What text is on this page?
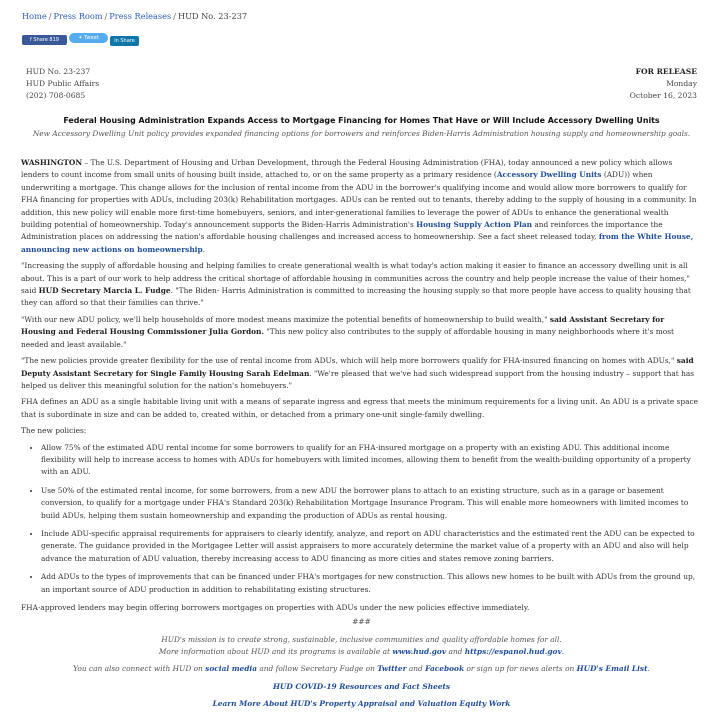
Home / Press Room / Press Releases / HUD No. 23-237
f Share 819	✦ Tweet	in Share
HUD No. 23-237
HUD Public Affairs
(202) 708-0685
FOR RELEASE
Monday
October 16, 2023
Federal Housing Administration Expands Access to Mortgage Financing for Homes That Have or Will Include Accessory Dwelling Units
New Accessory Dwelling Unit policy provides expanded financing options for borrowers and reinforces Biden-Harris Administration housing supply and homeownership goals.

WASHINGTON – The U.S. Department of Housing and Urban Development, through the Federal Housing Administration (FHA), today announced a new policy which allows lenders to count income from small units of housing built inside, attached to, or on the same property as a primary residence (Accessory Dwelling Units (ADU)) when underwriting a mortgage. This change allows for the inclusion of rental income from the ADU in the borrower's qualifying income and would allow more borrowers to qualify for FHA financing for properties with ADUs, including 203(k) Rehabilitation mortgages. ADUs can be rented out to tenants, thereby adding to the supply of housing in a community. In addition, this new policy will enable more first-time homebuyers, seniors, and inter-generational families to leverage the power of ADUs to enhance the generational wealth building potential of homeownership. Today's announcement supports the Biden-Harris Administration's Housing Supply Action Plan and reinforces the importance the Administration places on addressing the nation's affordable housing challenges and increased access to homeownership. See a fact sheet released today, from the White House, announcing new actions on homeownership.

"Increasing the supply of affordable housing and helping families to create generational wealth is what today's action making it easier to finance an accessory dwelling unit is all about. This is a part of our work to help address the critical shortage of affordable housing in communities across the country and help people increase the value of their homes," said HUD Secretary Marcia L. Fudge. "The Biden- Harris Administration is committed to increasing the housing supply so that more people have access to quality housing that they can afford so that their families can thrive."

"With our new ADU policy, we'll help households of more modest means maximize the potential benefits of homeownership to build wealth," said Assistant Secretary for Housing and Federal Housing Commissioner Julia Gordon. "This new policy also contributes to the supply of affordable housing in many neighborhoods where it's most needed and least available."

"The new policies provide greater flexibility for the use of rental income from ADUs, which will help more borrowers qualify for FHA-insured financing on homes with ADUs," said Deputy Assistant Secretary for Single Family Housing Sarah Edelman. "We're pleased that we've had such widespread support from the housing industry – support that has helped us deliver this meaningful solution for the nation's homebuyers."

FHA defines an ADU as a single habitable living unit with a means of separate ingress and egress that meets the minimum requirements for a living unit. An ADU is a private space that is subordinate in size and can be added to, created within, or detached from a primary one-unit single-family dwelling.

The new policies:

• Allow 75% of the estimated ADU rental income for some borrowers to qualify for an FHA-insured mortgage on a property with an existing ADU. This additional income flexibility will help to increase access to homes with ADUs for homebuyers with limited incomes, allowing them to benefit from the wealth-building opportunity of a property with an ADU.
• Use 50% of the estimated rental income, for some borrowers, from a new ADU the borrower plans to attach to an existing structure, such as in a garage or basement conversion, to qualify for a mortgage under FHA's Standard 203(k) Rehabilitation Mortgage Insurance Program. This will enable more homeowners with limited incomes to build ADUs, helping them sustain homeownership and expanding the production of ADUs as rental housing.
• Include ADU-specific appraisal requirements for appraisers to clearly identify, analyze, and report on ADU characteristics and the estimated rent the ADU can be expected to generate. The guidance provided in the Mortgagee Letter will assist appraisers to more accurately determine the market value of a property with an ADU and also will help advance the maturation of ADU valuation, thereby increasing access to ADU financing as more cities and states remove zoning barriers.
• Add ADUs to the types of improvements that can be financed under FHA's mortgages for new construction. This allows new homes to be built with ADUs from the ground up, an important source of ADU production in addition to rehabilitating existing structures.

FHA-approved lenders may begin offering borrowers mortgages on properties with ADUs under the new policies effective immediately.

###
HUD's mission is to create strong, sustainable, inclusive communities and quality affordable homes for all.
More information about HUD and its programs is available at www.hud.gov and https://espanol.hud.gov.
You can also connect with HUD on social media and follow Secretary Fudge on Twitter and Facebook or sign up for news alerts on HUD's Email List.
HUD COVID-19 Resources and Fact Sheets
Learn More About HUD's Property Appraisal and Valuation Equity Work
